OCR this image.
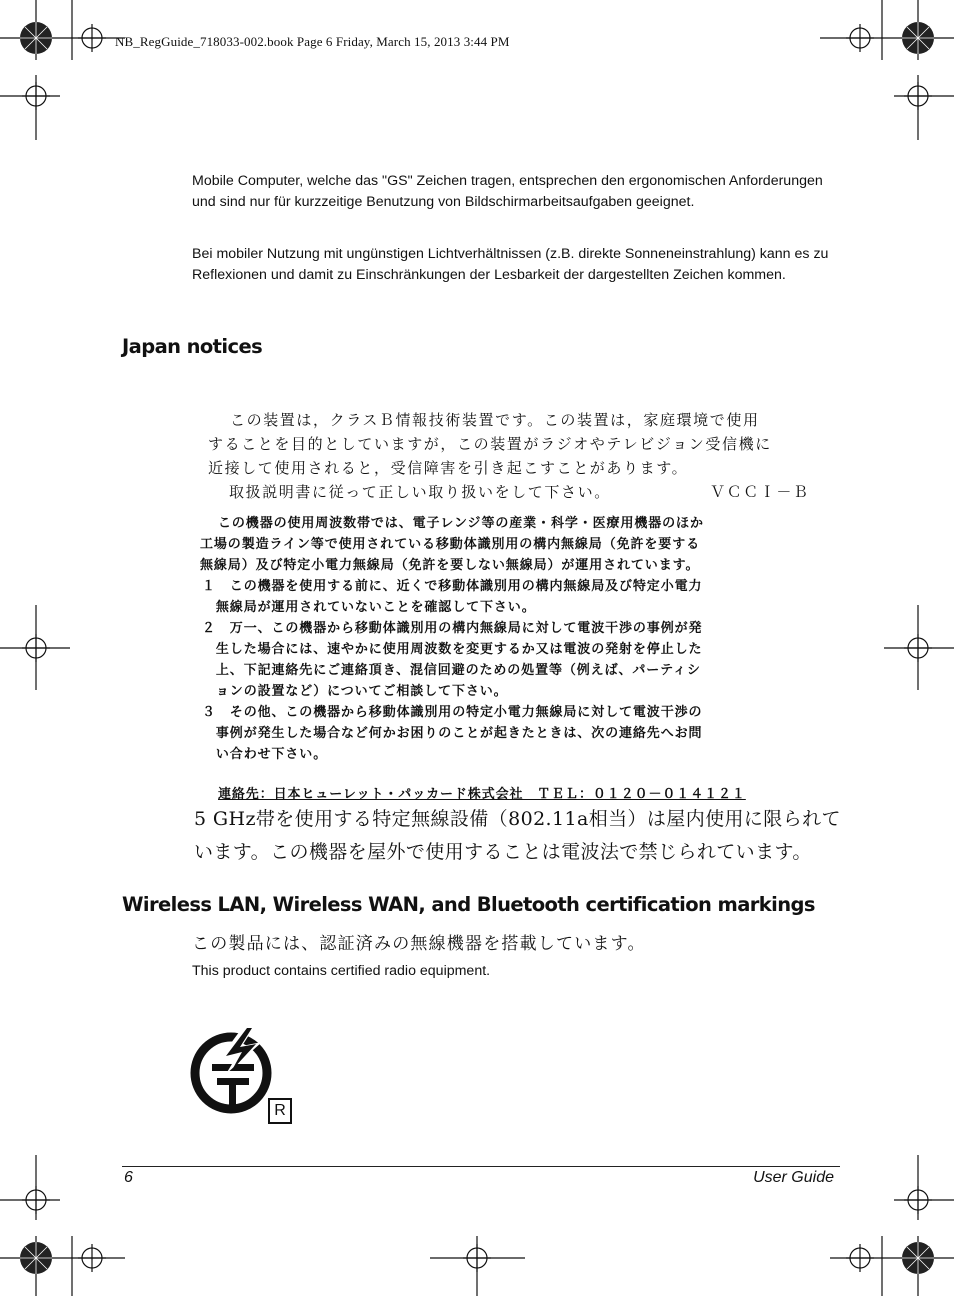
NB_RegGuide_718033-002.book Page 6 Friday, March 15, 2013 3:44 PM
Mobile Computer, welche das "GS" Zeichen tragen, entsprechen den ergonomischen Anforderungen und sind nur für kurzzeitige Benutzung von Bildschirmarbeitsaufgaben geeignet.
Bei mobiler Nutzung mit ungünstigen Lichtverhältnissen (z.B. direkte Sonneneinstrahlung) kann es zu Reflexionen und damit zu Einschränkungen der Lesbarkeit der dargestellten Zeichen kommen.
Japan notices
この装置は，クラスＢ情報技術装置です。この装置は，家庭環境で使用
することを目的としていますが，この装置がラジオやテレビジョン受信機に
近接して使用されると，受信障害を引き起こすことがあります。
取扱説明書に従って正しい取り扱いをして下さい。	ＶＣＣＩ－Ｂ
この機器の使用周波数帯では、電子レンジ等の産業・科学・医療用機器のほか
工場の製造ライン等で使用されている移動体識別用の構内無線局（免許を要する
無線局）及び特定小電力無線局（免許を要しない無線局）が運用されています。
１　この機器を使用する前に、近くで移動体識別用の構内無線局及び特定小電力
　無線局が運用されていないことを確認して下さい。
２　万一、この機器から移動体識別用の構内無線局に対して電波干渉の事例が発
　生した場合には、速やかに使用周波数を変更するか又は電波の発射を停止した
　上、下記連絡先にご連絡頂き、混信回避のための処置等（例えば、パーティシ
　ョンの設置など）についてご相談して下さい。
３　その他、この機器から移動体識別用の特定小電力無線局に対して電波干渉の
　事例が発生した場合など何かお困りのことが起きたときは、次の連絡先へお問
　い合わせ下さい。
連絡先：日本ヒューレット・パッカード株式会社　ＴＥＬ：０１２０－０１４１２１
5 GHz帯を使用する特定無線設備（802.11a相当）は屋内使用に限られて
います。この機器を屋外で使用することは電波法で禁じられています。
Wireless LAN, Wireless WAN, and Bluetooth certification markings
この製品には、認証済みの無線機器を搭載しています。
This product contains certified radio equipment.
R
6	User Guide
